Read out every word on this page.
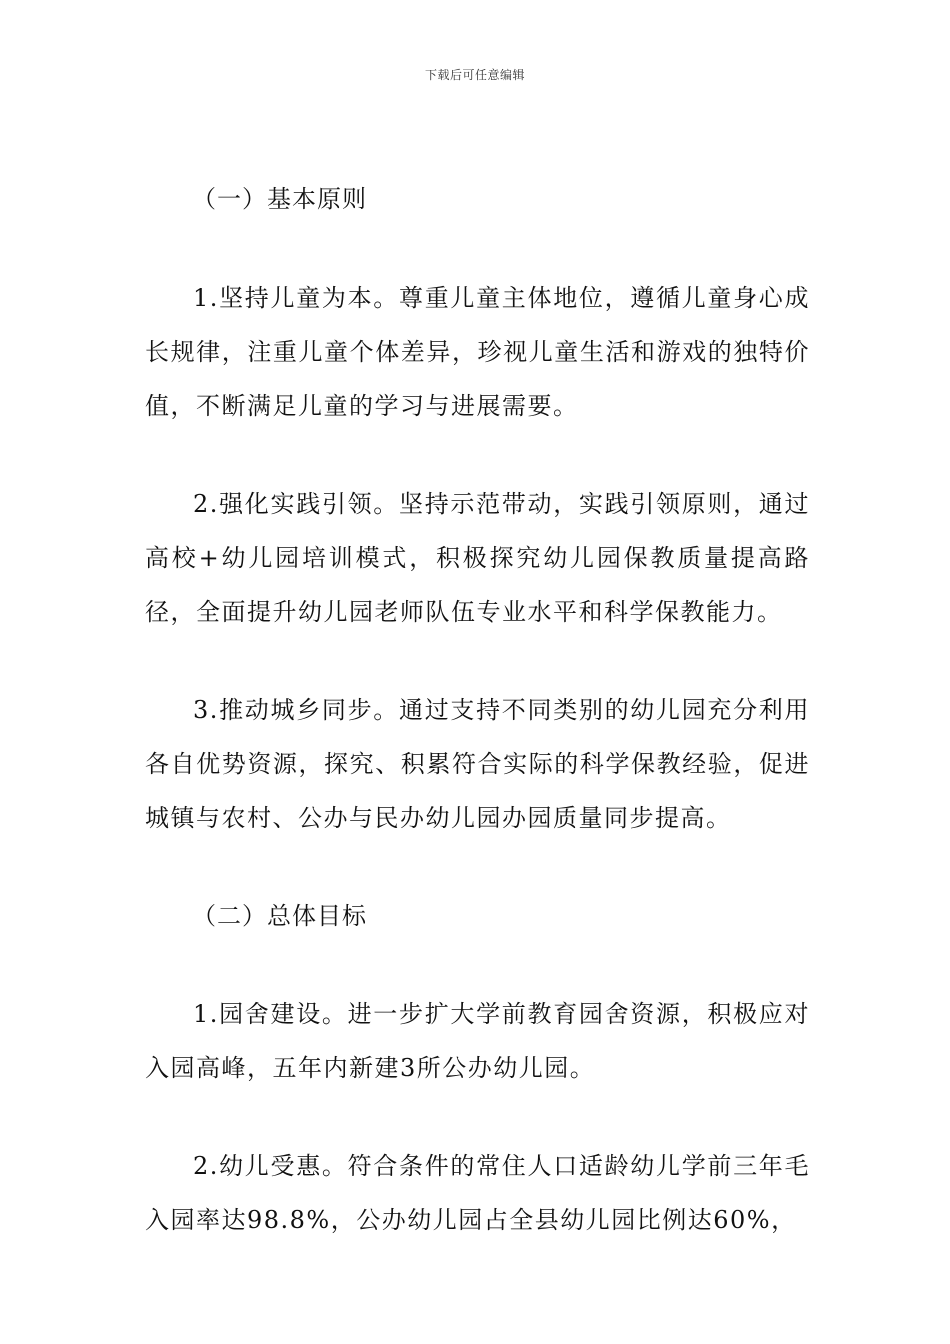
下载后可任意编辑

（一）基本原则

1.坚持儿童为本。尊重儿童主体地位，遵循儿童身心成长规律，注重儿童个体差异，珍视儿童生活和游戏的独特价值，不断满足儿童的学习与进展需要。

2.强化实践引领。坚持示范带动，实践引领原则，通过高校+幼儿园培训模式，积极探究幼儿园保教质量提高路径，全面提升幼儿园老师队伍专业水平和科学保教能力。

3.推动城乡同步。通过支持不同类别的幼儿园充分利用各自优势资源，探究、积累符合实际的科学保教经验，促进城镇与农村、公办与民办幼儿园办园质量同步提高。

（二）总体目标

1.园舍建设。进一步扩大学前教育园舍资源，积极应对入园高峰，五年内新建3所公办幼儿园。

2.幼儿受惠。符合条件的常住人口适龄幼儿学前三年毛入园率达98.8%，公办幼儿园占全县幼儿园比例达60%，
